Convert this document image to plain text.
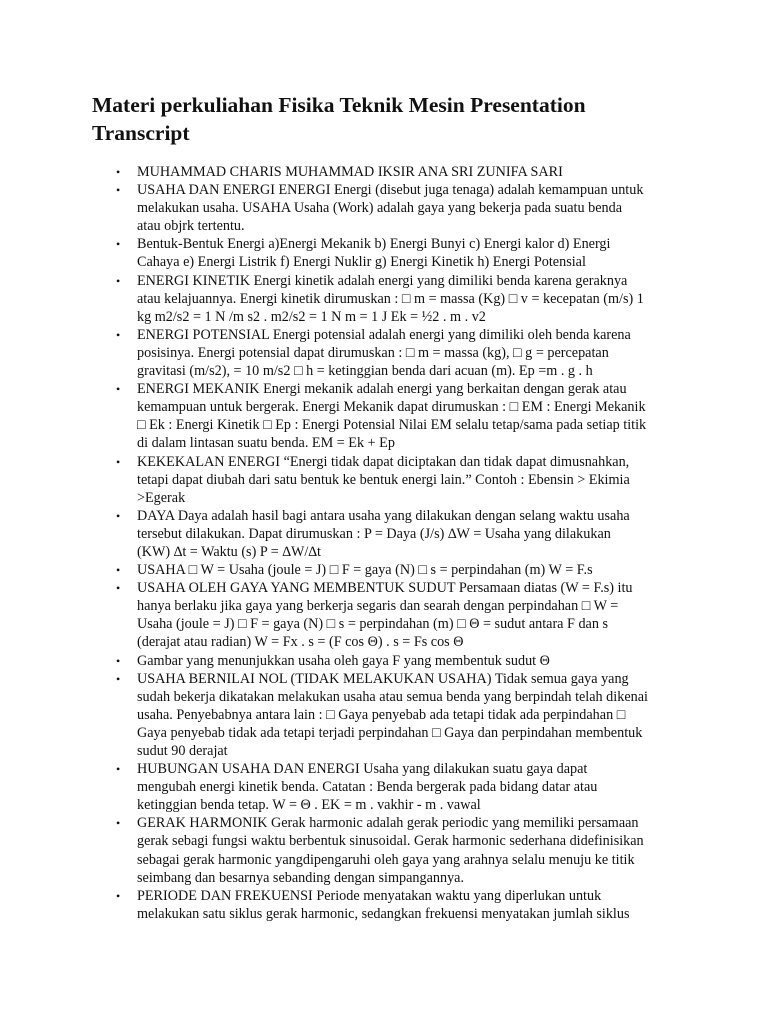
Materi perkuliahan Fisika Teknik Mesin Presentation
Transcript
• MUHAMMAD CHARIS MUHAMMAD IKSIR ANA SRI ZUNIFA SARI
• USAHA DAN ENERGI ENERGI Energi (disebut juga tenaga) adalah kemampuan untuk
melakukan usaha. USAHA Usaha (Work) adalah gaya yang bekerja pada suatu benda
atau objrk tertentu.
• Bentuk-Bentuk Energi a)Energi Mekanik b) Energi Bunyi c) Energi kalor d) Energi
Cahaya e) Energi Listrik f) Energi Nuklir g) Energi Kinetik h) Energi Potensial
• ENERGI KINETIK Energi kinetik adalah energi yang dimiliki benda karena geraknya
atau kelajuannya. Energi kinetik dirumuskan : □ m = massa (Kg) □ v = kecepatan (m/s) 1
kg m2/s2 = 1 N /m s2 . m2/s2 = 1 N m = 1 J Ek = ½2 . m . v2
• ENERGI POTENSIAL Energi potensial adalah energi yang dimiliki oleh benda karena
posisinya. Energi potensial dapat dirumuskan : □ m = massa (kg), □ g = percepatan
gravitasi (m/s2), = 10 m/s2 □ h = ketinggian benda dari acuan (m). Ep =m . g . h
• ENERGI MEKANIK Energi mekanik adalah energi yang berkaitan dengan gerak atau
kemampuan untuk bergerak. Energi Mekanik dapat dirumuskan : □ EM : Energi Mekanik
□ Ek : Energi Kinetik □ Ep : Energi Potensial Nilai EM selalu tetap/sama pada setiap titik
di dalam lintasan suatu benda. EM = Ek + Ep
• KEKEKALAN ENERGI “Energi tidak dapat diciptakan dan tidak dapat dimusnahkan,
tetapi dapat diubah dari satu bentuk ke bentuk energi lain.” Contoh : Ebensin > Ekimia
>Egerak
• DAYA Daya adalah hasil bagi antara usaha yang dilakukan dengan selang waktu usaha
tersebut dilakukan. Dapat dirumuskan : P = Daya (J/s) ∆W = Usaha yang dilakukan
(KW) ∆t = Waktu (s) P = ∆W/∆t
• USAHA □ W = Usaha (joule = J) □ F = gaya (N) □ s = perpindahan (m) W = F.s
• USAHA OLEH GAYA YANG MEMBENTUK SUDUT Persamaan diatas (W = F.s) itu
hanya berlaku jika gaya yang berkerja segaris dan searah dengan perpindahan □ W =
Usaha (joule = J) □ F = gaya (N) □ s = perpindahan (m) □ Θ = sudut antara F dan s
(derajat atau radian) W = Fx . s = (F cos Θ) . s = Fs cos Θ
• Gambar yang menunjukkan usaha oleh gaya F yang membentuk sudut Θ
• USAHA BERNILAI NOL (TIDAK MELAKUKAN USAHA) Tidak semua gaya yang
sudah bekerja dikatakan melakukan usaha atau semua benda yang berpindah telah dikenai
usaha. Penyebabnya antara lain : □ Gaya penyebab ada tetapi tidak ada perpindahan □
Gaya penyebab tidak ada tetapi terjadi perpindahan □ Gaya dan perpindahan membentuk
sudut 90 derajat
• HUBUNGAN USAHA DAN ENERGI Usaha yang dilakukan suatu gaya dapat
mengubah energi kinetik benda. Catatan : Benda bergerak pada bidang datar atau
ketinggian benda tetap. W = Θ . EK = m . vakhir - m . vawal
• GERAK HARMONIK Gerak harmonic adalah gerak periodic yang memiliki persamaan
gerak sebagi fungsi waktu berbentuk sinusoidal. Gerak harmonic sederhana didefinisikan
sebagai gerak harmonic yangdipengaruhi oleh gaya yang arahnya selalu menuju ke titik
seimbang dan besarnya sebanding dengan simpangannya.
• PERIODE DAN FREKUENSI Periode menyatakan waktu yang diperlukan untuk
melakukan satu siklus gerak harmonic, sedangkan frekuensi menyatakan jumlah siklus
